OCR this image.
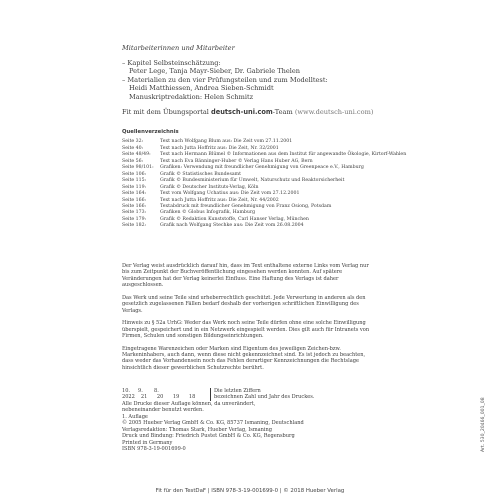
Mitarbeiterinnen und Mitarbeiter
– Kapitel Selbsteinschätzung:
Peter Lege, Tanja Mayr-Sieber, Dr. Gabriele Thelen
– Materialien zu den vier Prüfungsteilen und zum Modelltest:
Heidi Matthiessen, Andrea Sieben-Schmidt
Manuskriptredaktion: Helen Schmitz
Fit mit dem Übungsportal deutsch-uni.com-Team (www.deutsch-uni.com)
Quellenverzeichnis
Seite 32:	Text nach Wolfgang Blum aus: Die Zeit vom 27.11.2001
Seite 40:	Text nach Jutta Hoffritz aus: Die Zeit, Nr. 32/2001
Seite 48/49:	Text nach Hermann Blümel © Informationen aus dem Institut für angewandte Ökologie, Kirtorf-Wahlen
Seite 56:	Text nach Eva Bänninger-Huber © Verlag Hans Huber AG, Bern
Seite 98/101:	Grafiken: Verwendung mit freundlicher Genehmigung von Greenpeace e.V., Hamburg
Seite 106:	Grafik © Statistisches Bundesamt
Seite 115:	Grafik © Bundesministerium für Umwelt, Naturschutz und Reaktorsicherheit
Seite 119:	Grafik © Deutscher Instituts-Verlag, Köln
Seite 164:	Text vom Wolfgang Uchatius aus: Die Zeit vom 27.12.2001
Seite 166:	Text nach Jutta Hoffritz aus: Die Zeit, Nr. 44/2002
Seite 166:	Textabdruck mit freundlicher Genehmigung von Franz Osiong, Potsdam
Seite 173:	Grafiken © Globus Infografik, Hamburg
Seite 179:	Grafik © Redaktion Kunststoffe, Carl Hanser Verlag, München
Seite 182:	Grafik nach Wolfgang Stechke aus: Die Zeit vom 26.08.2004

Der Verlag weist ausdrücklich darauf hin, dass im Text enthaltene externe Links vom Verlag nur bis zum Zeitpunkt der Buchveröffentlichung eingesehen werden konnten. Auf spätere Veränderungen hat der Verlag keinerlei Einfluss. Eine Haftung des Verlags ist daher ausgeschlossen.

Das Werk und seine Teile sind urheberrechtlich geschützt. Jede Verwertung in anderen als den gesetzlich zugelassenen Fällen bedarf deshalb der vorherigen schriftlichen Einwilligung des Verlags.

Hinweis zu § 52a UrhG: Weder das Werk noch seine Teile dürfen ohne eine solche Einwilligung überspielt, gespeichert und in ein Netzwerk eingespielt werden. Dies gilt auch für Intranets von Firmen, Schulen und sonstigen Bildungseinrichtungen.

Eingetragene Warenzeichen oder Marken sind Eigentum des jeweiligen Zeichen-bzw. Markeninhabers, auch dann, wenn diese nicht gekennzeichnet sind. Es ist jedoch zu beachten, dass weder das Vorhandensein noch das Fehlen derartiger Kennzeichnungen die Rechtslage hinsichtlich dieser gewerblichen Schutzrechte berührt.

10.	9.	8.
2022 21	20	19	18
Die letzten Ziffern
bezeichnen Zahl und Jahr des Druckes.
Alle Drucke dieser Auflage können, da unverändert,
nebeneinander benutzt werden.
1. Auflage
© 2005 Hueber Verlag GmbH & Co. KG, 85737 Ismaning, Deutschland
Verlagsredaktion: Thomas Stark, Hueber Verlag, Ismaning
Druck und Bindung: Friedrich Pustet GmbH & Co. KG, Regensburg
Printed in Germany
ISBN 978-3-19-001699-0	Art. 530_20466_001_08
Fit für den TestDaF | ISBN 978-3-19-001699-0 | © 2018 Hueber Verlag
